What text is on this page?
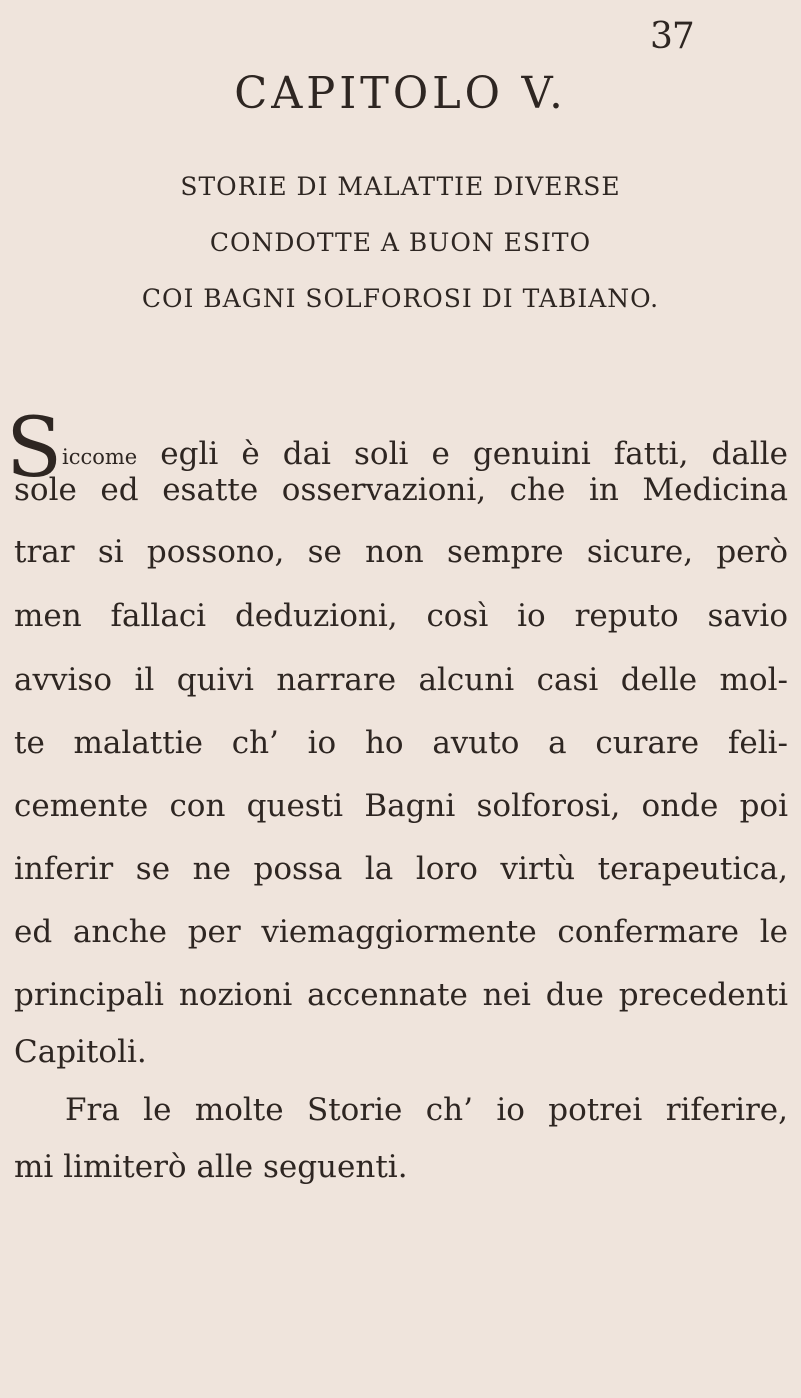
37
CAPITOLO V.
STORIE DI MALATTIE DIVERSE
CONDOTTE A BUON ESITO
COI BAGNI SOLFOROSI DI TABIANO.
S iccome egli è dai soli e genuini fatti, dalle
sole ed esatte osservazioni, che in Medicina
trar si possono, se non sempre sicure, però
men fallaci deduzioni, così io reputo savio
avviso il quivi narrare alcuni casi delle mol-
te malattie ch’ io ho avuto a curare feli-
cemente con questi Bagni solforosi, onde poi
inferir se ne possa la loro virtù terapeutica,
ed anche per viemaggiormente confermare le
principali nozioni accennate nei due precedenti
Capitoli.
Fra le molte Storie ch’ io potrei riferire,
mi limiterò alle seguenti.
